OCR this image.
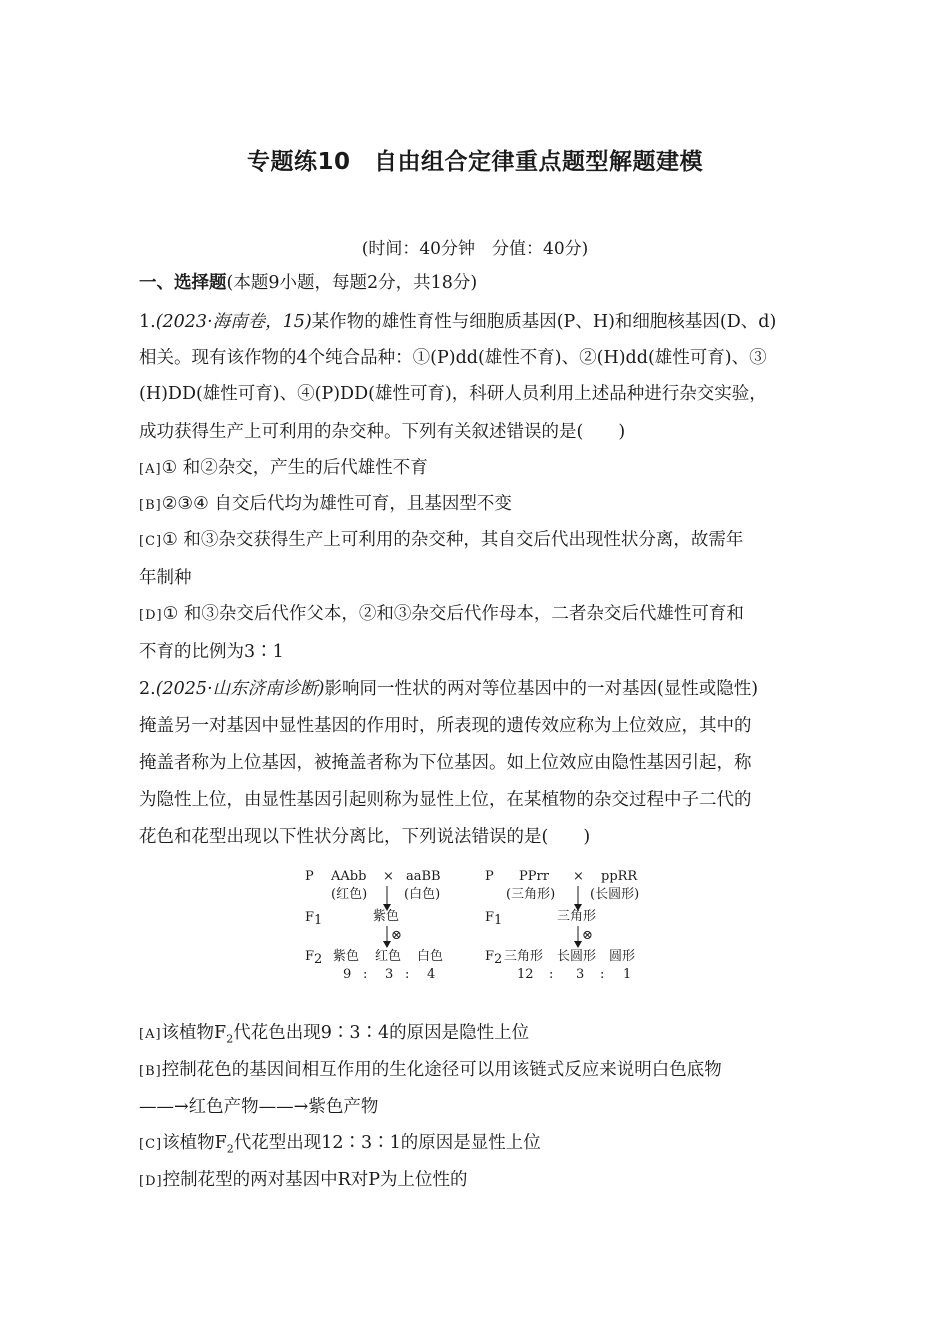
专题练10　自由组合定律重点题型解题建模
(时间：40分钟　分值：40分)
一、选择题(本题9小题，每题2分，共18分)
1.(2023·海南卷，15)某作物的雄性育性与细胞质基因(P、H)和细胞核基因(D、d)
相关。现有该作物的4个纯合品种：①(P)dd(雄性不育)、②(H)dd(雄性可育)、③
(H)DD(雄性可育)、④(P)DD(雄性可育)，科研人员利用上述品种进行杂交实验，
成功获得生产上可利用的杂交种。下列有关叙述错误的是(　　)
[A]① 和②杂交，产生的后代雄性不育
[B]②③④ 自交后代均为雄性可育，且基因型不变
[C]① 和③杂交获得生产上可利用的杂交种，其自交后代出现性状分离，故需年
年制种
[D]① 和③杂交后代作父本，②和③杂交后代作母本，二者杂交后代雄性可育和
不育的比例为3∶1
2.(2025·山东济南诊断)影响同一性状的两对等位基因中的一对基因(显性或隐性)
掩盖另一对基因中显性基因的作用时，所表现的遗传效应称为上位效应，其中的
掩盖者称为上位基因，被掩盖者称为下位基因。如上位效应由隐性基因引起，称
为隐性上位，由显性基因引起则称为显性上位，在某植物的杂交过程中子二代的
花色和花型出现以下性状分离比，下列说法错误的是(　　)
P AAbb × aaBB
(红色)	(白色)
F1	紫色
⊗
F2 紫色 红色 白色
9 : 3 : 4
P PPrr × ppRR
(三角形)	(长圆形)
F1	三角形
⊗
F2 三角形 长圆形 圆形
12 : 3 : 1
[A]该植物$F_2$代花色出现9∶3∶4的原因是隐性上位
[B]控制花色的基因间相互作用的生化途径可以用该链式反应来说明白色底物
——→红色产物——→紫色产物
[C]该植物$F_2$代花型出现12∶3∶1的原因是显性上位
[D]控制花型的两对基因中R对P为上位性的
